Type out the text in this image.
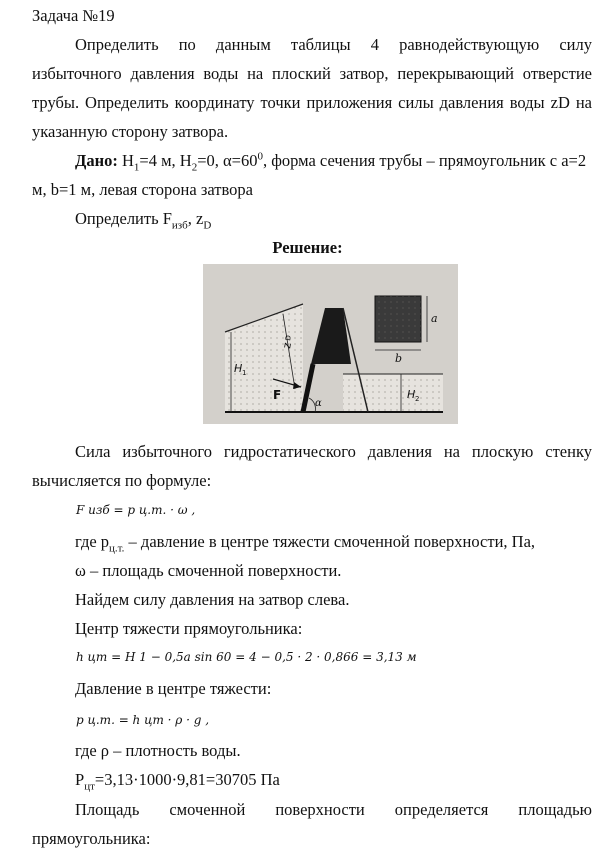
Задача №19
Определить по данным таблицы 4 равнодействующую силу
избыточного давления воды на плоский затвор, перекрывающий отверстие
трубы. Определить координату точки приложения силы давления воды zD на
указанную сторону затвора.
Дано: $H_1=4$ м, $H_2=0$, $\alpha=60^0$, форма сечения трубы – прямоугольник с a=2
м, b=1 м, левая сторона затвора
Определить $F_{изб}$, $z_D$
Решение:
H 1
z
D
F
α
H 2
a
b
Сила избыточного гидростатического давления на плоскую стенку
вычисляется по формуле:
F изб = p ц.т. · ω ,
где $p_{ц.т.}$ – давление в центре тяжести смоченной поверхности, Па,
ω – площадь смоченной поверхности.
Найдем силу давления на затвор слева.
Центр тяжести прямоугольника:
h цт = H 1 − 0,5a sin 60 = 4 − 0,5 · 2 · 0,866 = 3,13 м
Давление в центре тяжести:
p ц.т. = h цт · ρ · g ,
где ρ – плотность воды.
$P_{цт}=3,13\cdot 1000\cdot 9,81=30705$ Па
Площадь смоченной поверхности определяется площадью
прямоугольника:
